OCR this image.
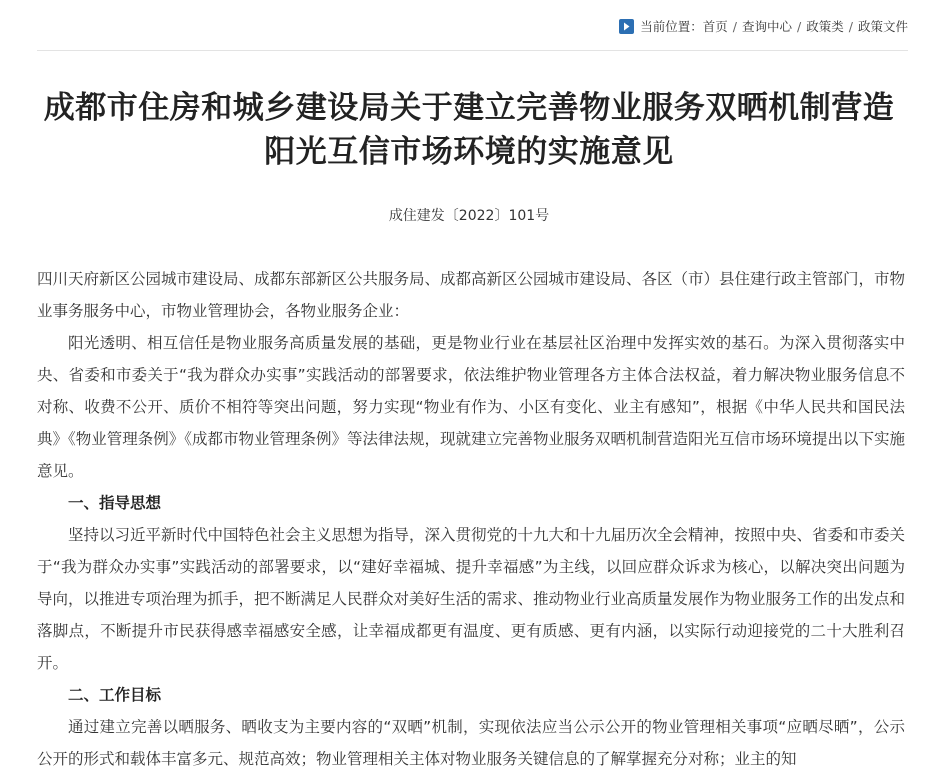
当前位置： 首页 / 查询中心 / 政策类 / 政策文件
成都市住房和城乡建设局关于建立完善物业服务双晒机制营造
阳光互信市场环境的实施意见
成住建发〔2022〕101号

四川天府新区公园城市建设局、成都东部新区公共服务局、成都高新区公园城市建设局、各区（市）县住建行政主管部门，市物业事务服务中心，市物业管理协会，各物业服务企业：

阳光透明、相互信任是物业服务高质量发展的基础，更是物业行业在基层社区治理中发挥实效的基石。为深入贯彻落实中央、省委和市委关于“我为群众办实事”实践活动的部署要求，依法维护物业管理各方主体合法权益，着力解决物业服务信息不对称、收费不公开、质价不相符等突出问题，努力实现“物业有作为、小区有变化、业主有感知”，根据《中华人民共和国民法典》《物业管理条例》《成都市物业管理条例》等法律法规，现就建立完善物业服务双晒机制营造阳光互信市场环境提出以下实施意见。

一、指导思想

坚持以习近平新时代中国特色社会主义思想为指导，深入贯彻党的十九大和十九届历次全会精神，按照中央、省委和市委关于“我为群众办实事”实践活动的部署要求，以“建好幸福城、提升幸福感”为主线，以回应群众诉求为核心，以解决突出问题为导向，以推进专项治理为抓手，把不断满足人民群众对美好生活的需求、推动物业行业高质量发展作为物业服务工作的出发点和落脚点，不断提升市民获得感幸福感安全感，让幸福成都更有温度、更有质感、更有内涵，以实际行动迎接党的二十大胜利召开。

二、工作目标

通过建立完善以晒服务、晒收支为主要内容的“双晒”机制，实现依法应当公示公开的物业管理相关事项“应晒尽晒”，公示公开的形式和载体丰富多元、规范高效；物业管理相关主体对物业服务关键信息的了解掌握充分对称；业主的知
